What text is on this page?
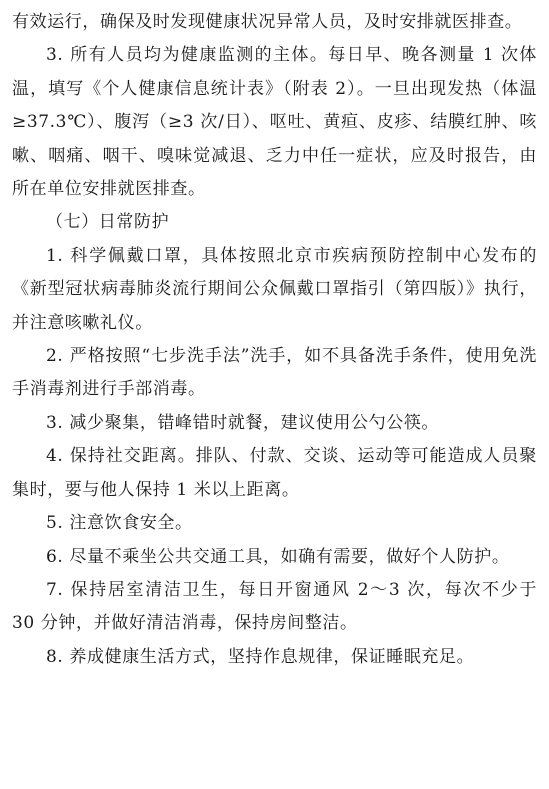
有效运行，确保及时发现健康状况异常人员，及时安排就医排查。

3. 所有人员均为健康监测的主体。每日早、晚各测量 1 次体温，填写《个人健康信息统计表》（附表 2）。一旦出现发热（体温≥37.3℃）、腹泻（≥3 次/日）、呕吐、黄疸、皮疹、结膜红肿、咳嗽、咽痛、咽干、嗅味觉减退、乏力中任一症状，应及时报告，由所在单位安排就医排查。

（七）日常防护

1. 科学佩戴口罩，具体按照北京市疾病预防控制中心发布的《新型冠状病毒肺炎流行期间公众佩戴口罩指引（第四版）》执行，并注意咳嗽礼仪。

2. 严格按照“七步洗手法”洗手，如不具备洗手条件，使用免洗手消毒剂进行手部消毒。

3. 减少聚集，错峰错时就餐，建议使用公勺公筷。

4. 保持社交距离。排队、付款、交谈、运动等可能造成人员聚集时，要与他人保持 1 米以上距离。

5. 注意饮食安全。

6. 尽量不乘坐公共交通工具，如确有需要，做好个人防护。

7. 保持居室清洁卫生，每日开窗通风 2～3 次，每次不少于 30 分钟，并做好清洁消毒，保持房间整洁。

8. 养成健康生活方式，坚持作息规律，保证睡眠充足。
